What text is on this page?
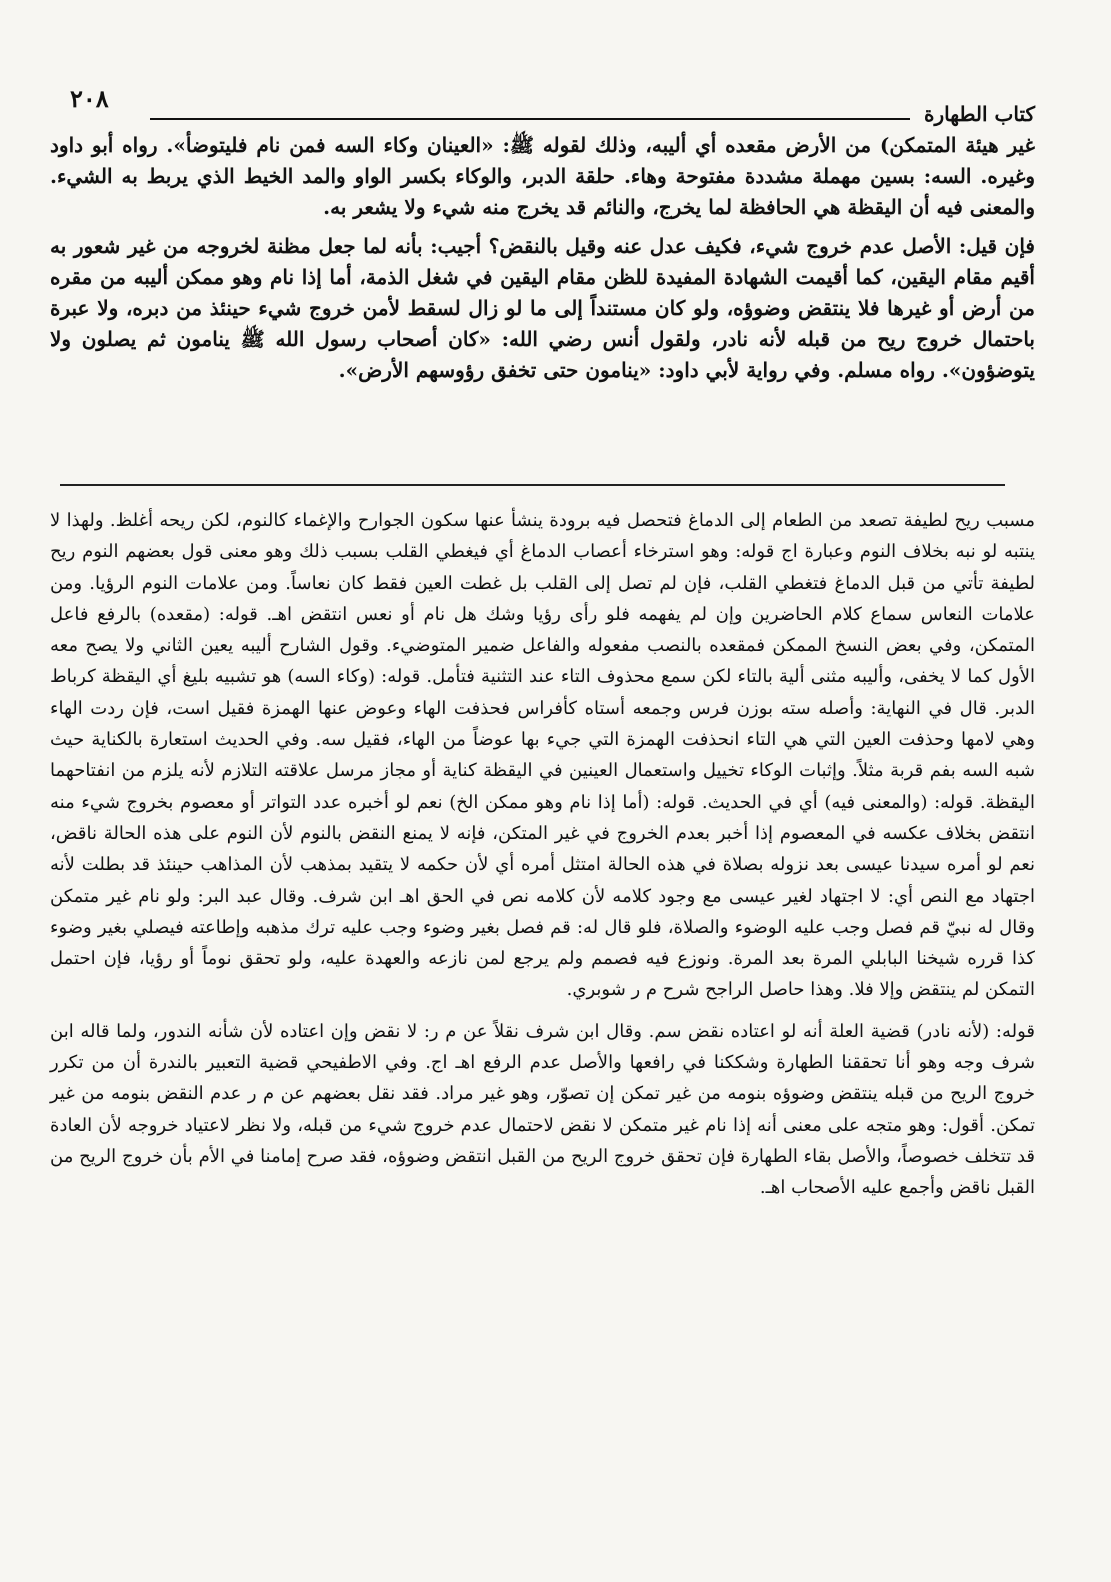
٢٠٨
كتاب الطهارة

غير هيئة المتمكن) من الأرض مقعده أي أليبه، وذلك لقوله ﷺ: «العينان وكاء السه فمن نام فليتوضأ». رواه أبو داود وغيره. السه: بسين مهملة مشددة مفتوحة وهاء. حلقة الدبر، والوكاء بكسر الواو والمد الخيط الذي يربط به الشيء. والمعنى فيه أن اليقظة هي الحافظة لما يخرج، والنائم قد يخرج منه شيء ولا يشعر به.

فإن قيل: الأصل عدم خروج شيء، فكيف عدل عنه وقيل بالنقض؟ أجيب: بأنه لما جعل مظنة لخروجه من غير شعور به أقيم مقام اليقين، كما أقيمت الشهادة المفيدة للظن مقام اليقين في شغل الذمة، أما إذا نام وهو ممكن أليبه من مقره من أرض أو غيرها فلا ينتقض وضوؤه، ولو كان مستنداً إلى ما لو زال لسقط لأمن خروج شيء حينئذ من دبره، ولا عبرة باحتمال خروج ريح من قبله لأنه نادر، ولقول أنس رضي الله: «كان أصحاب رسول الله ﷺ ينامون ثم يصلون ولا يتوضؤون». رواه مسلم. وفي رواية لأبي داود: «ينامون حتى تخفق رؤوسهم الأرض».

مسبب ريح لطيفة تصعد من الطعام إلى الدماغ فتحصل فيه برودة ينشأ عنها سكون الجوارح والإغماء كالنوم، لكن ريحه أغلظ. ولهذا لا ينتبه لو نبه بخلاف النوم وعبارة اج قوله: وهو استرخاء أعصاب الدماغ أي فيغطي القلب بسبب ذلك وهو معنى قول بعضهم النوم ريح لطيفة تأتي من قبل الدماغ فتغطي القلب، فإن لم تصل إلى القلب بل غطت العين فقط كان نعاساً. ومن علامات النوم الرؤيا. ومن علامات النعاس سماع كلام الحاضرين وإن لم يفهمه فلو رأى رؤيا وشك هل نام أو نعس انتقض اهـ. قوله: (مقعده) بالرفع فاعل المتمكن، وفي بعض النسخ الممكن فمقعده بالنصب مفعوله والفاعل ضمير المتوضيء. وقول الشارح أليبه يعين الثاني ولا يصح معه الأول كما لا يخفى، وأليبه مثنى ألية بالتاء لكن سمع محذوف التاء عند التثنية فتأمل. قوله: (وكاء السه) هو تشبيه بليغ أي اليقظة كرباط الدبر. قال في النهاية: وأصله سته بوزن فرس وجمعه أستاه كأفراس فحذفت الهاء وعوض عنها الهمزة فقيل است، فإن ردت الهاء وهي لامها وحذفت العين التي هي التاء انحذفت الهمزة التي جيء بها عوضاً من الهاء، فقيل سه. وفي الحديث استعارة بالكناية حيث شبه السه بفم قربة مثلاً. وإثبات الوكاء تخييل واستعمال العينين في اليقظة كناية أو مجاز مرسل علاقته التلازم لأنه يلزم من انفتاحهما اليقظة. قوله: (والمعنى فيه) أي في الحديث. قوله: (أما إذا نام وهو ممكن الخ) نعم لو أخبره عدد التواتر أو معصوم بخروج شيء منه انتقض بخلاف عكسه في المعصوم إذا أخبر بعدم الخروج في غير المتكن، فإنه لا يمنع النقض بالنوم لأن النوم على هذه الحالة ناقض، نعم لو أمره سيدنا عيسى بعد نزوله بصلاة في هذه الحالة امتثل أمره أي لأن حكمه لا يتقيد بمذهب لأن المذاهب حينئذ قد بطلت لأنه اجتهاد مع النص أي: لا اجتهاد لغير عيسى مع وجود كلامه لأن كلامه نص في الحق اهـ ابن شرف. وقال عبد البر: ولو نام غير متمكن وقال له نبيّ قم فصل وجب عليه الوضوء والصلاة، فلو قال له: قم فصل بغير وضوء وجب عليه ترك مذهبه وإطاعته فيصلي بغير وضوء كذا قرره شيخنا البابلي المرة بعد المرة. ونوزع فيه فصمم ولم يرجع لمن نازعه والعهدة عليه، ولو تحقق نوماً أو رؤيا، فإن احتمل التمكن لم ينتقض وإلا فلا. وهذا حاصل الراجح شرح م ر شوبري.

قوله: (لأنه نادر) قضية العلة أنه لو اعتاده نقض سم. وقال ابن شرف نقلاً عن م ر: لا نقض وإن اعتاده لأن شأنه الندور، ولما قاله ابن شرف وجه وهو أنا تحققنا الطهارة وشككنا في رافعها والأصل عدم الرفع اهـ اج. وفي الاطفيحي قضية التعبير بالندرة أن من تكرر خروج الريح من قبله ينتقض وضوؤه بنومه من غير تمكن إن تصوّر، وهو غير مراد. فقد نقل بعضهم عن م ر عدم النقض بنومه من غير تمكن. أقول: وهو متجه على معنى أنه إذا نام غير متمكن لا نقض لاحتمال عدم خروج شيء من قبله، ولا نظر لاعتياد خروجه لأن العادة قد تتخلف خصوصاً، والأصل بقاء الطهارة فإن تحقق خروج الريح من القبل انتقض وضوؤه، فقد صرح إمامنا في الأم بأن خروج الريح من القبل ناقض وأجمع عليه الأصحاب اهـ.
